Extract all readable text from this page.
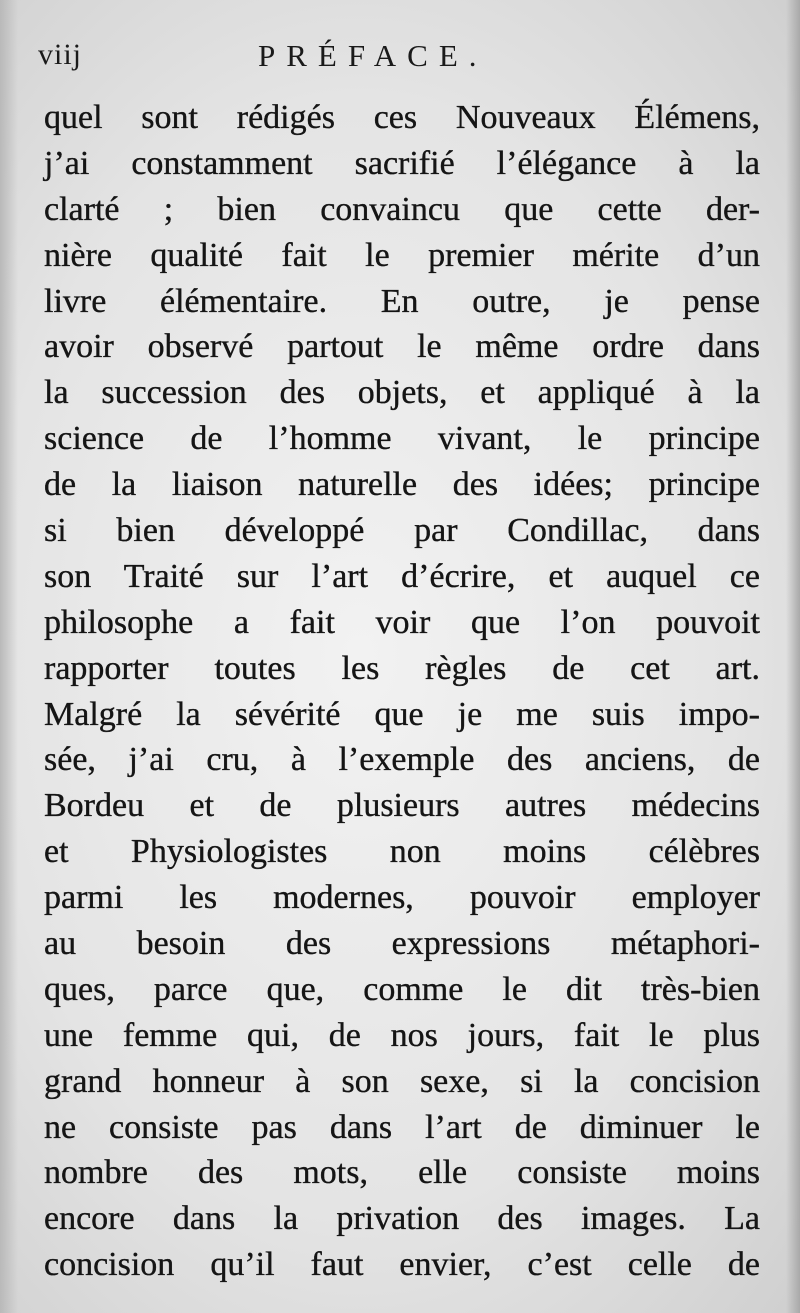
viij	PRÉFACE.
quel sont rédigés ces Nouveaux Élémens,
j’ai constamment sacrifié l’élégance à la
clarté ; bien convaincu que cette der-
nière qualité fait le premier mérite d’un
livre élémentaire. En outre, je pense
avoir observé partout le même ordre dans
la succession des objets, et appliqué à la
science de l’homme vivant, le principe
de la liaison naturelle des idées; principe
si bien développé par Condillac, dans
son Traité sur l’art d’écrire, et auquel ce
philosophe a fait voir que l’on pouvoit
rapporter toutes les règles de cet art.
Malgré la sévérité que je me suis impo-
sée, j’ai cru, à l’exemple des anciens, de
Bordeu et de plusieurs autres médecins
et Physiologistes non moins célèbres
parmi les modernes, pouvoir employer
au besoin des expressions métaphori-
ques, parce que, comme le dit très-bien
une femme qui, de nos jours, fait le plus
grand honneur à son sexe, si la concision
ne consiste pas dans l’art de diminuer le
nombre des mots, elle consiste moins
encore dans la privation des images. La
concision qu’il faut envier, c’est celle de
